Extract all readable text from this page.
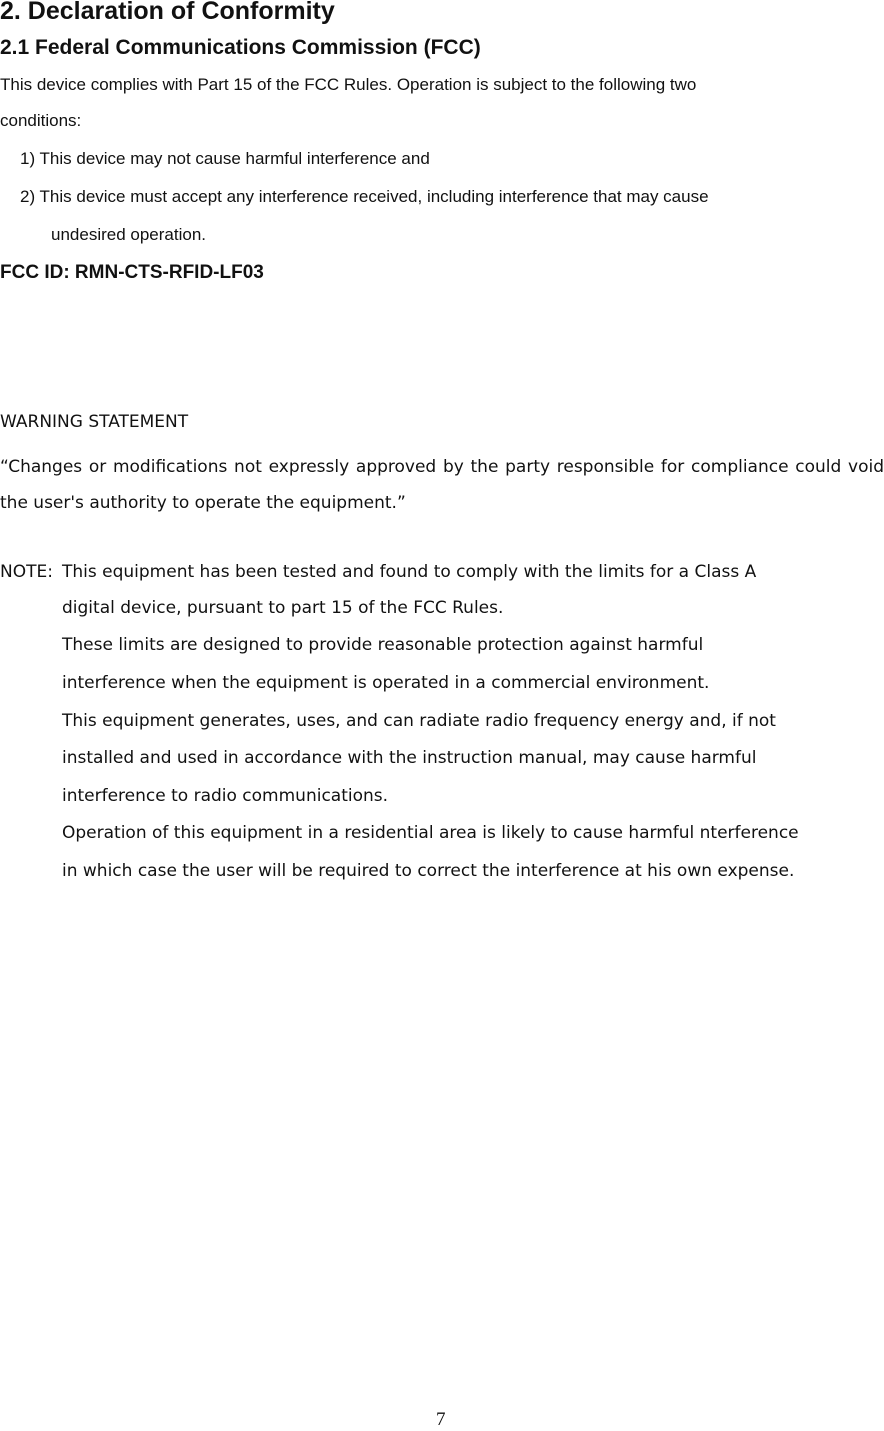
2. Declaration of Conformity
2.1 Federal Communications Commission (FCC)
This device complies with Part 15 of the FCC Rules. Operation is subject to the following two
conditions:
1) This device may not cause harmful interference and
2) This device must accept any interference received, including interference that may cause
undesired operation.
FCC ID: RMN-CTS-RFID-LF03
WARNING STATEMENT
“Changes or modifications not expressly approved by the party responsible for compliance could void the user's authority to operate the equipment.”
NOTE: This equipment has been tested and found to comply with the limits for a Class A
digital device, pursuant to part 15 of the FCC Rules.
These limits are designed to provide reasonable protection against harmful
interference when the equipment is operated in a commercial environment.
This equipment generates, uses, and can radiate radio frequency energy and, if not
installed and used in accordance with the instruction manual, may cause harmful
interference to radio communications.
Operation of this equipment in a residential area is likely to cause harmful nterference
in which case the user will be required to correct the interference at his own expense.
7
